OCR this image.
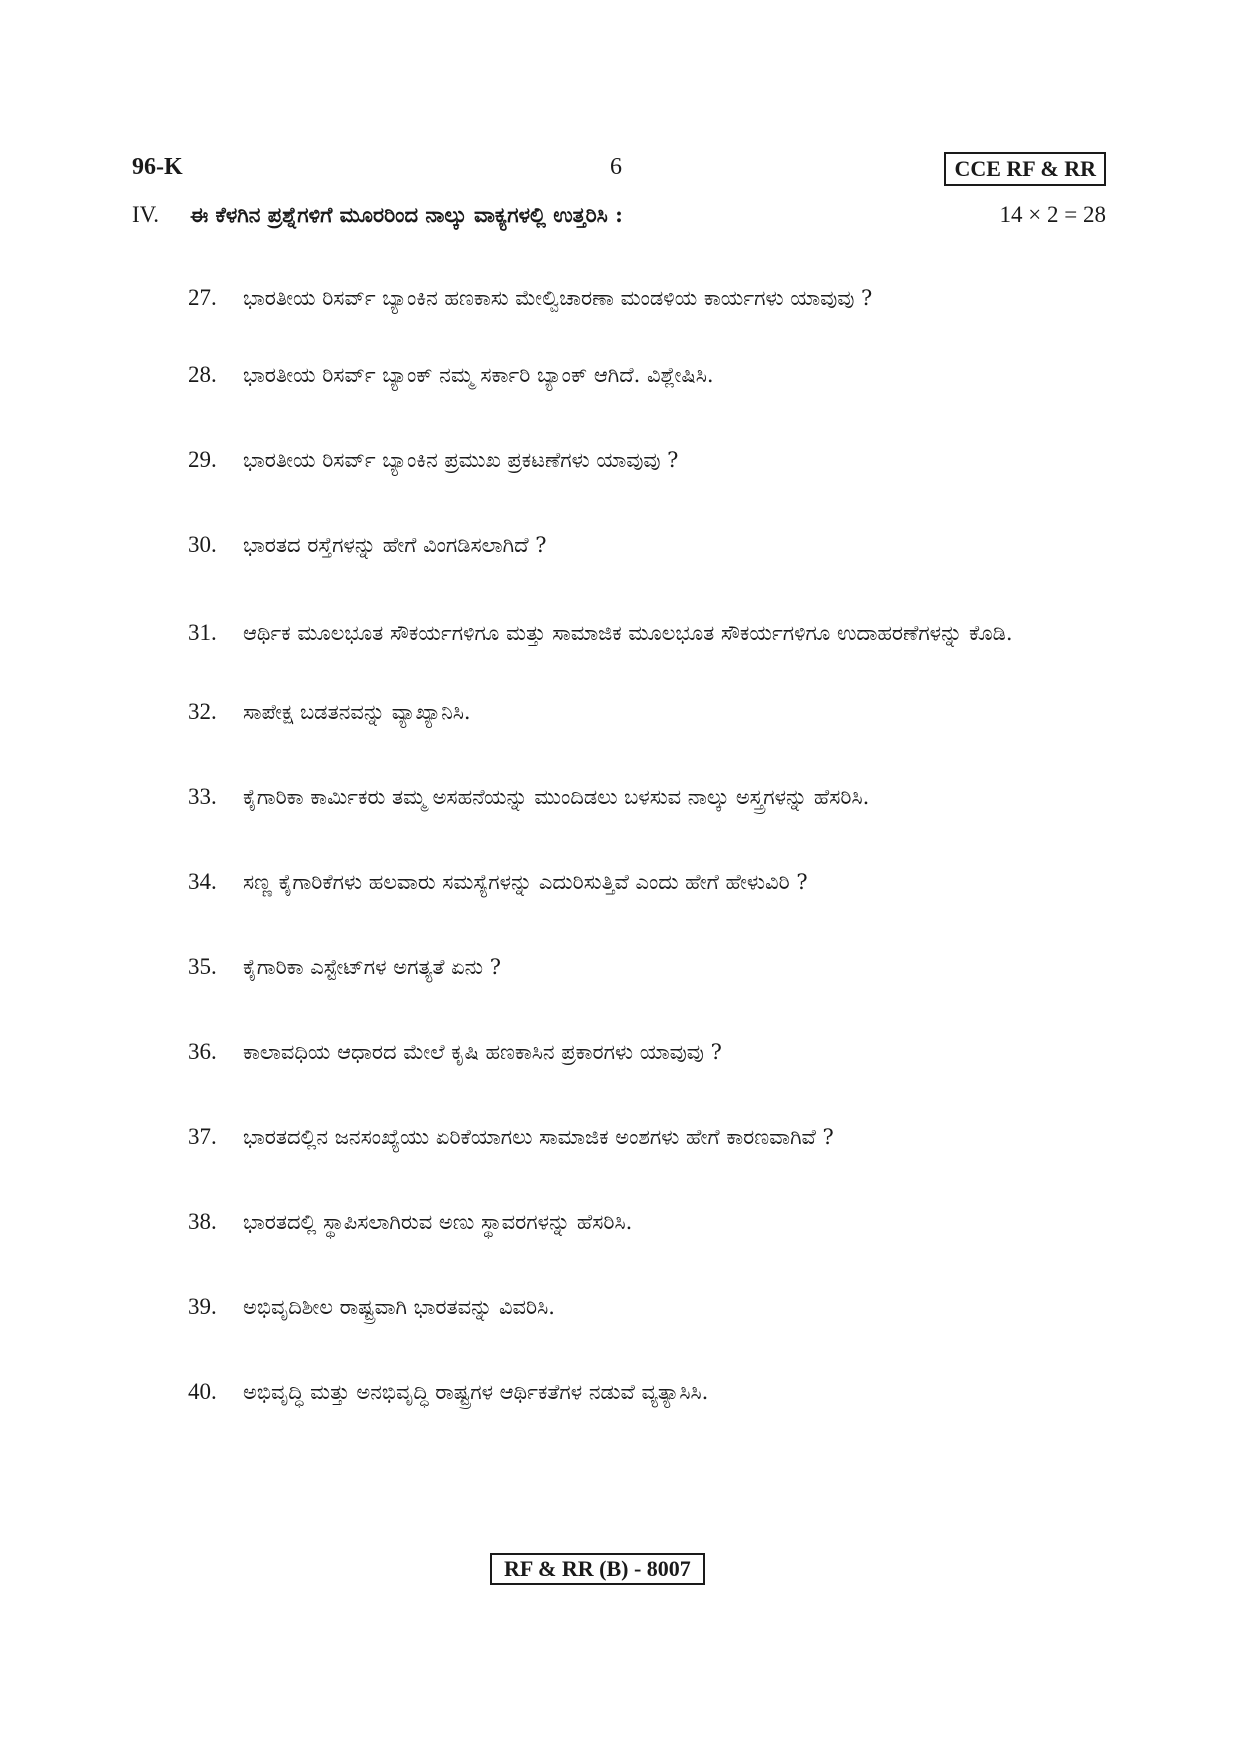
96-K	6	CCE RF & RR
IV. ಈ ಕೆಳಗಿನ ಪ್ರಶ್ನೆಗಳಿಗೆ ಮೂರರಿಂದ ನಾಲ್ಕು ವಾಕ್ಯಗಳಲ್ಲಿ ಉತ್ತರಿಸಿ :	14 × 2 = 28
27. ಭಾರತೀಯ ರಿಸರ್ವ್ ಬ್ಯಾಂಕಿನ ಹಣಕಾಸು ಮೇಲ್ವಿಚಾರಣಾ ಮಂಡಳಿಯ ಕಾರ್ಯಗಳು ಯಾವುವು ?
28. ಭಾರತೀಯ ರಿಸರ್ವ್ ಬ್ಯಾಂಕ್ ನಮ್ಮ ಸರ್ಕಾರಿ ಬ್ಯಾಂಕ್ ಆಗಿದೆ. ವಿಶ್ಲೇಷಿಸಿ.
29. ಭಾರತೀಯ ರಿಸರ್ವ್ ಬ್ಯಾಂಕಿನ ಪ್ರಮುಖ ಪ್ರಕಟಣೆಗಳು ಯಾವುವು ?
30. ಭಾರತದ ರಸ್ತೆಗಳನ್ನು ಹೇಗೆ ವಿಂಗಡಿಸಲಾಗಿದೆ ?
31. ಆರ್ಥಿಕ ಮೂಲಭೂತ ಸೌಕರ್ಯಗಳಿಗೂ ಮತ್ತು ಸಾಮಾಜಿಕ ಮೂಲಭೂತ ಸೌಕರ್ಯಗಳಿಗೂ ಉದಾಹರಣೆಗಳನ್ನು ಕೊಡಿ.
32. ಸಾಪೇಕ್ಷ ಬಡತನವನ್ನು ವ್ಯಾಖ್ಯಾನಿಸಿ.
33. ಕೈಗಾರಿಕಾ ಕಾರ್ಮಿಕರು ತಮ್ಮ ಅಸಹನೆಯನ್ನು ಮುಂದಿಡಲು ಬಳಸುವ ನಾಲ್ಕು ಅಸ್ತ್ರಗಳನ್ನು ಹೆಸರಿಸಿ.
34. ಸಣ್ಣ ಕೈಗಾರಿಕೆಗಳು ಹಲವಾರು ಸಮಸ್ಯೆಗಳನ್ನು ಎದುರಿಸುತ್ತಿವೆ ಎಂದು ಹೇಗೆ ಹೇಳುವಿರಿ ?
35. ಕೈಗಾರಿಕಾ ಎಸ್ಟೇಟ್‌ಗಳ ಅಗತ್ಯತೆ ಏನು ?
36. ಕಾಲಾವಧಿಯ ಆಧಾರದ ಮೇಲೆ ಕೃಷಿ ಹಣಕಾಸಿನ ಪ್ರಕಾರಗಳು ಯಾವುವು ?
37. ಭಾರತದಲ್ಲಿನ ಜನಸಂಖ್ಯೆಯು ಏರಿಕೆಯಾಗಲು ಸಾಮಾಜಿಕ ಅಂಶಗಳು ಹೇಗೆ ಕಾರಣವಾಗಿವೆ ?
38. ಭಾರತದಲ್ಲಿ ಸ್ಥಾಪಿಸಲಾಗಿರುವ ಅಣು ಸ್ಥಾವರಗಳನ್ನು ಹೆಸರಿಸಿ.
39. ಅಭಿವೃದಿಶೀಲ ರಾಷ್ಟ್ರವಾಗಿ ಭಾರತವನ್ನು ವಿವರಿಸಿ.
40. ಅಭಿವೃದ್ಧಿ ಮತ್ತು ಅನಭಿವೃದ್ಧಿ ರಾಷ್ಟ್ರಗಳ ಆರ್ಥಿಕತೆಗಳ ನಡುವೆ ವ್ಯತ್ಯಾಸಿಸಿ.
RF & RR (B) - 8007
